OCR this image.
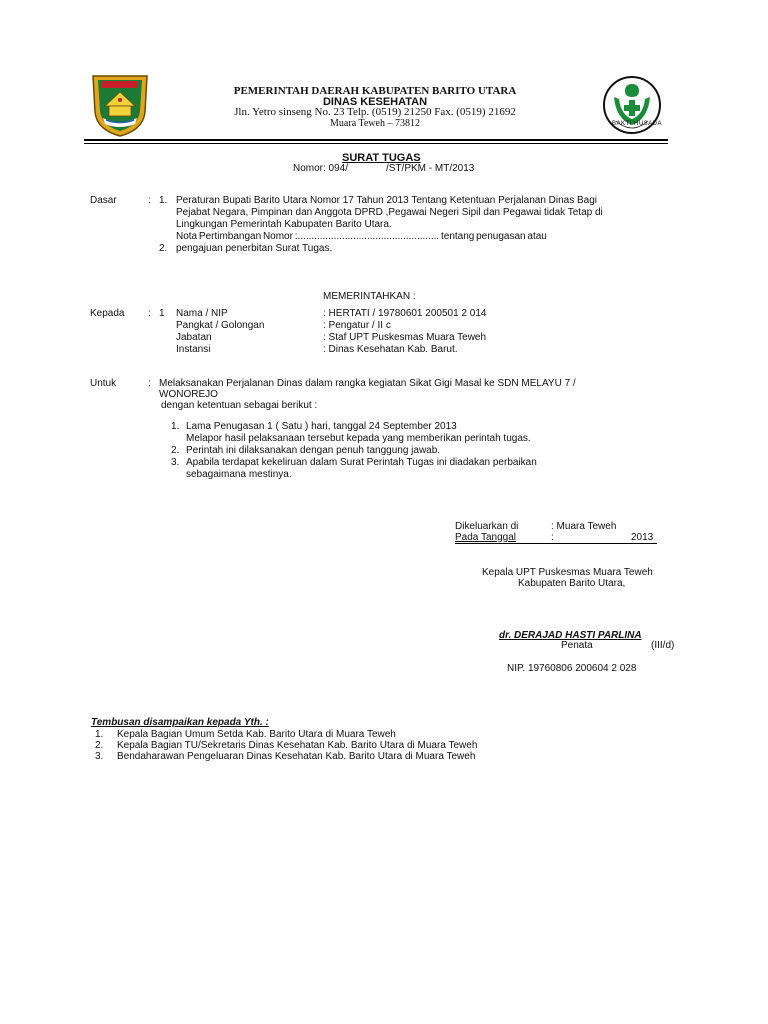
BAKTI HUSADA
PEMERINTAH DAERAH KABUPATEN BARITO UTARA
DINAS KESEHATAN
Jln. Yetro sinseng No. 23 Telp. (0519) 21250 Fax. (0519) 21692
Muara Teweh – 73812
SURAT TUGAS
Nomor: 094/	/ST/PKM - MT/2013
Dasar	: 1. Peraturan Bupati Barito Utara Nomor 17 Tahun 2013 Tentang Ketentuan Perjalanan Dinas Bagi
Pejabat Negara, Pimpinan dan Anggota DPRD ,Pegawai Negeri Sipil dan Pegawai tidak Tetap di
Lingkungan Pemerintah Kabupaten Barito Utara.
Nota Pertimbangan Nomor :................................................... tentang penugasan atau
2. pengajuan penerbitan Surat Tugas.
MEMERINTAHKAN :
Kepada : 1 Nama / NIP	: HERTATI / 19780601 200501 2 014
Pangkat / Golongan	: Pengatur / II c
Jabatan	: Staf UPT Puskesmas Muara Teweh
Instansi	: Dinas Kesehatan Kab. Barut.
Untuk	: Melaksanakan Perjalanan Dinas dalam rangka kegiatan Sikat Gigi Masal ke SDN MELAYU 7 /
WONOREJO
dengan ketentuan sebagai berikut :
1. Lama Penugasan 1 ( Satu ) hari, tanggal 24 September 2013
Melapor hasil pelaksanaan tersebut kepada yang memberikan perintah tugas.
2. Perintah ini dilaksanakan dengan penuh tanggung jawab.
3. Apabila terdapat kekeliruan dalam Surat Perintah Tugas ini diadakan perbaikan
sebagaimana mestinya.
Dikeluarkan di	: Muara Teweh
Pada Tanggal	:	2013
Kepala UPT Puskesmas Muara Teweh
Kabupaten Barito Utara,
dr. DERAJAD HASTI PARLINA
Penata	(III/d)
NIP. 19760806 200604 2 028
Tembusan disampaikan kepada Yth. :
1. Kepala Bagian Umum Setda Kab. Barito Utara di Muara Teweh
2. Kepala Bagian TU/Sekretaris Dinas Kesehatan Kab. Barito Utara di Muara Teweh
3. Bendaharawan Pengeluaran Dinas Kesehatan Kab. Barito Utara di Muara Teweh
